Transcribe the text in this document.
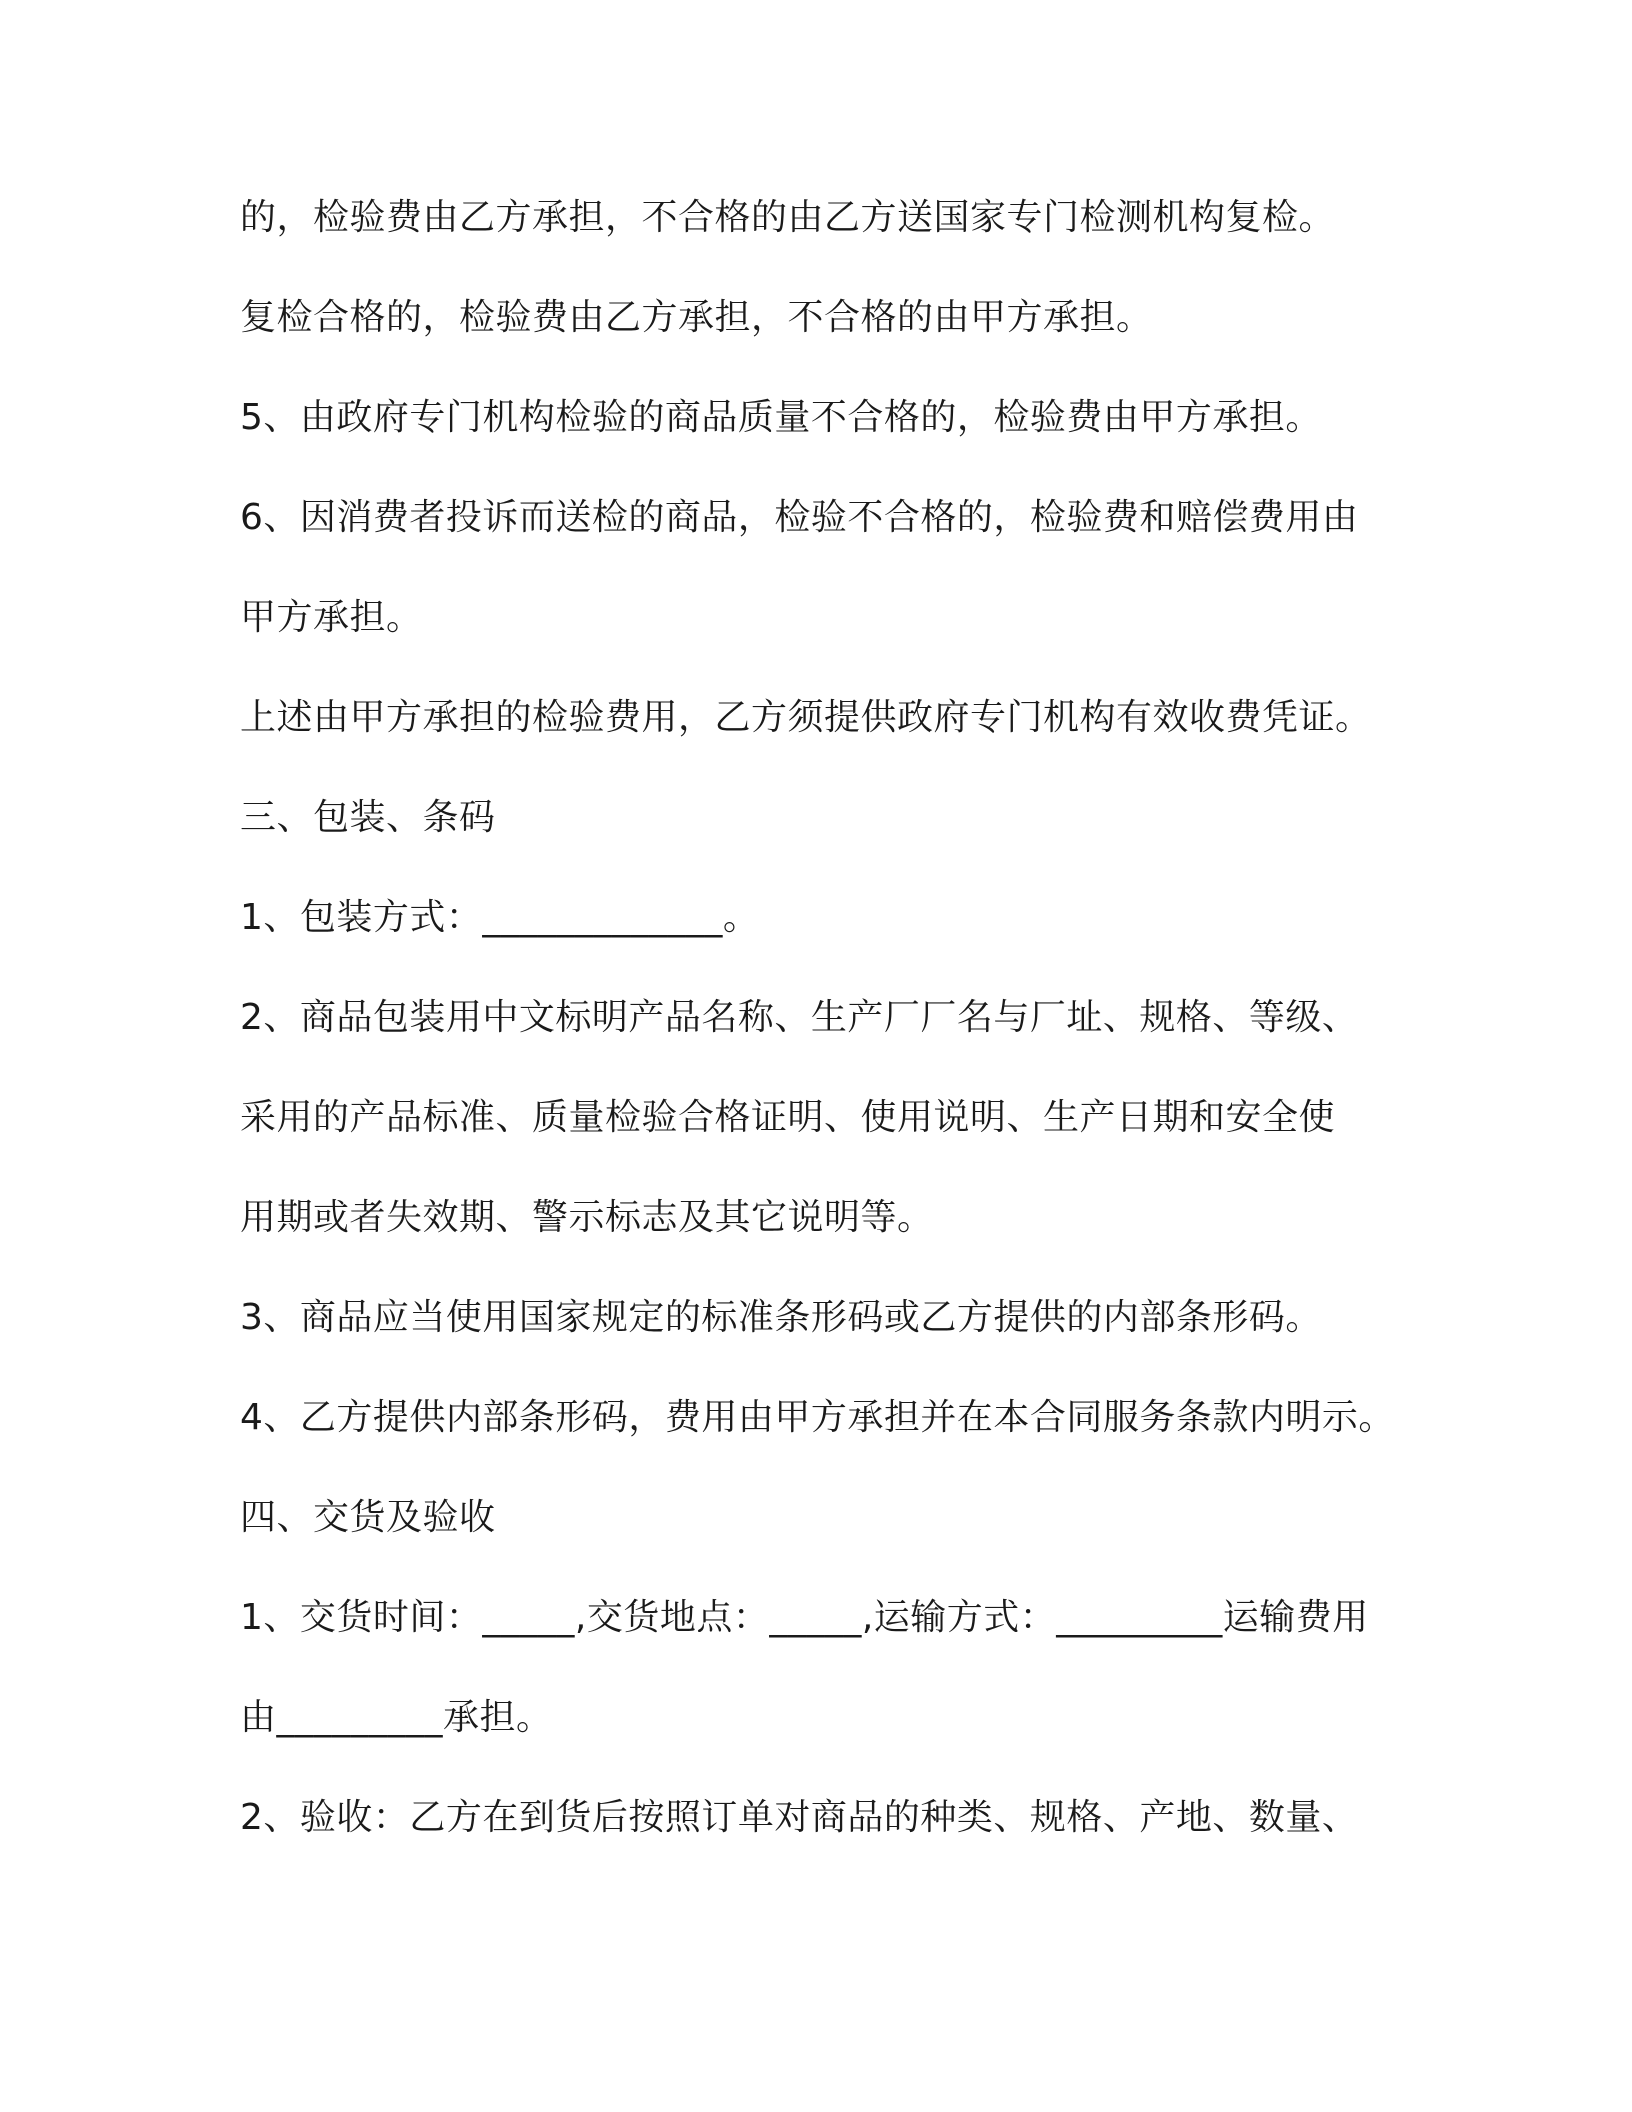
的，检验费由乙方承担，不合格的由乙方送国家专门检测机构复检。
复检合格的，检验费由乙方承担，不合格的由甲方承担。
5、由政府专门机构检验的商品质量不合格的，检验费由甲方承担。
6、因消费者投诉而送检的商品，检验不合格的，检验费和赔偿费用由
甲方承担。
上述由甲方承担的检验费用，乙方须提供政府专门机构有效收费凭证。
三、包装、条码
1、包装方式：_____________。
2、商品包装用中文标明产品名称、生产厂厂名与厂址、规格、等级、
采用的产品标准、质量检验合格证明、使用说明、生产日期和安全使
用期或者失效期、警示标志及其它说明等。
3、商品应当使用国家规定的标准条形码或乙方提供的内部条形码。
4、乙方提供内部条形码，费用由甲方承担并在本合同服务条款内明示。
四、交货及验收
1、交货时间：_____,交货地点：_____,运输方式：_________运输费用
由_________承担。
2、验收：乙方在到货后按照订单对商品的种类、规格、产地、数量、
